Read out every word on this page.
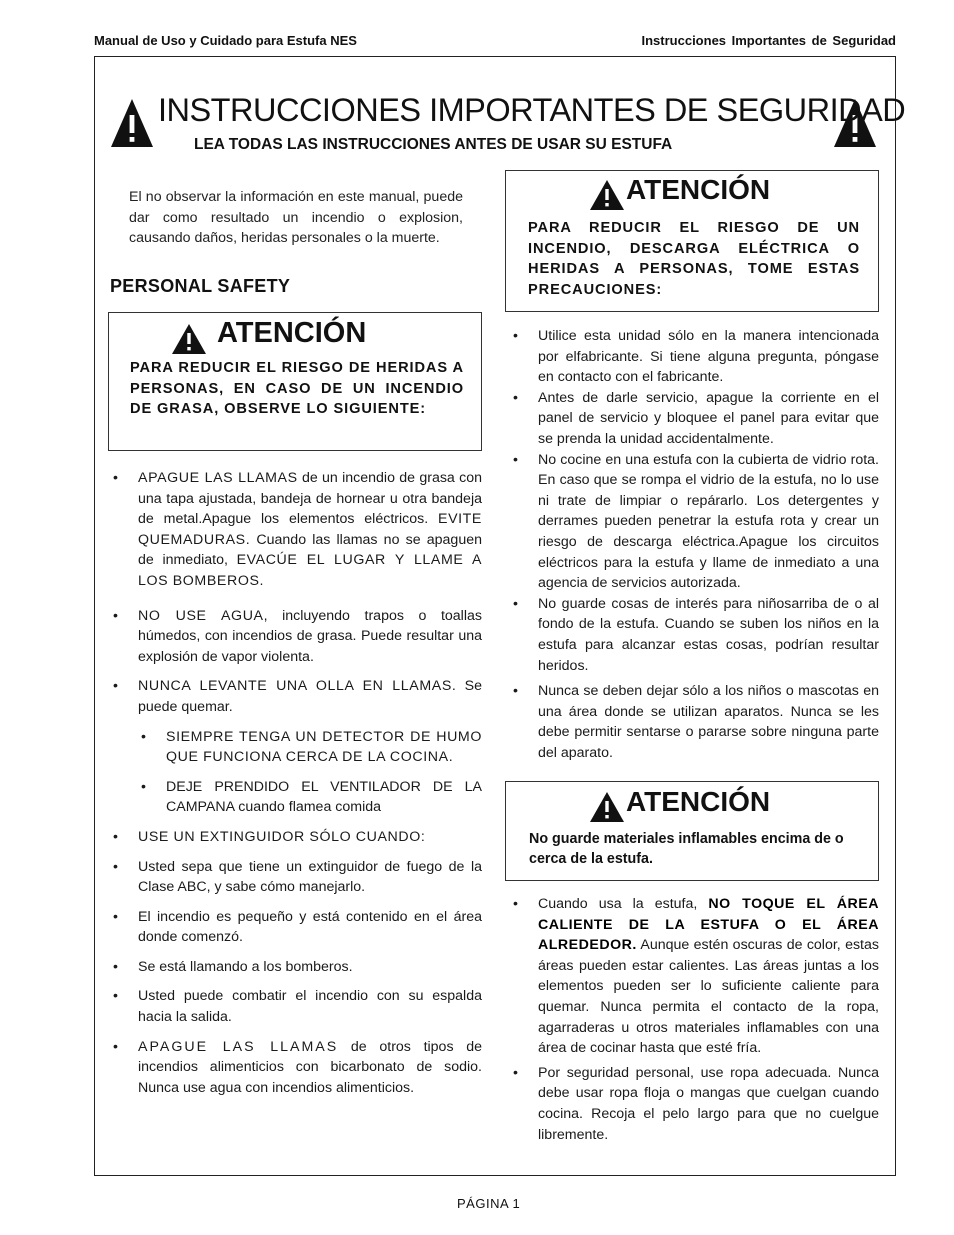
Manual de Uso y Cuidado para Estufa NES	Instrucciones Importantes de Seguridad
INSTRUCCIONES IMPORTANTES DE SEGURIDAD
LEA TODAS LAS INSTRUCCIONES ANTES DE USAR SU ESTUFA
El no observar la información en este manual, puede dar como resultado un incendio o explosion, causando daños, heridas personales o la muerte.
PERSONAL SAFETY
ATENCIÓN
PARA REDUCIR EL RIESGO DE HERIDAS A PERSONAS, EN CASO DE UN INCENDIO DE GRASA, OBSERVE LO SIGUIENTE:
• APAGUE LAS LLAMAS de un incendio de grasa con una tapa ajustada, bandeja de hornear u otra bandeja de metal.Apague los elementos eléctricos. EVITE QUEMADURAS. Cuando las llamas no se apaguen de inmediato, EVACÚE EL LUGAR Y LLAME A LOS BOMBEROS.
• NO USE AGUA, incluyendo trapos o toallas húmedos, con incendios de grasa. Puede resultar una explosión de vapor violenta.
• NUNCA LEVANTE UNA OLLA EN LLAMAS. Se puede quemar.
• SIEMPRE TENGA UN DETECTOR DE HUMO QUE FUNCIONA CERCA DE LA COCINA.
• DEJE PRENDIDO EL VENTILADOR DE LA CAMPANA cuando flamea comida
• USE UN EXTINGUIDOR SÓLO CUANDO:
• Usted sepa que tiene un extinguidor de fuego de la Clase ABC, y sabe cómo manejarlo.
• El incendio es pequeño y está contenido en el área donde comenzó.
• Se está llamando a los bomberos.
• Usted puede combatir el incendio con su espalda hacia la salida.
• APAGUE LAS LLAMAS de otros tipos de incendios alimenticios con bicarbonato de sodio. Nunca use agua con incendios alimenticios.
ATENCIÓN
PARA REDUCIR EL RIESGO DE UN INCENDIO, DESCARGA ELÉCTRICA O HERIDAS A PERSONAS, TOME ESTAS PRECAUCIONES:
• Utilice esta unidad sólo en la manera intencionada por elfabricante. Si tiene alguna pregunta, póngase en contacto con el fabricante.
• Antes de darle servicio, apague la corriente en el panel de servicio y bloquee el panel para evitar que se prenda la unidad accidentalmente.
• No cocine en una estufa con la cubierta de vidrio rota. En caso que se rompa el vidrio de la estufa, no lo use ni trate de limpiar o repárarlo. Los detergentes y derrames pueden penetrar la estufa rota y crear un riesgo de descarga eléctrica.Apague los circuitos eléctricos para la estufa y llame de inmediato a una agencia de servicios autorizada.
• No guarde cosas de interés para niñosarriba de o al fondo de la estufa. Cuando se suben los niños en la estufa para alcanzar estas cosas, podrían resultar heridos.
• Nunca se deben dejar sólo a los niños o mascotas en una área donde se utilizan aparatos. Nunca se les debe permitir sentarse o pararse sobre ninguna parte del aparato.
ATENCIÓN
No guarde materiales inflamables encima de o cerca de la estufa.
• Cuando usa la estufa, NO TOQUE EL ÁREA CALIENTE DE LA ESTUFA O EL ÁREA ALREDEDOR. Aunque estén oscuras de color, estas áreas pueden estar calientes. Las áreas juntas a los elementos pueden ser lo suficiente caliente para quemar. Nunca permita el contacto de la ropa, agarraderas u otros materiales inflamables con una área de cocinar hasta que esté fría.
• Por seguridad personal, use ropa adecuada. Nunca debe usar ropa floja o mangas que cuelgan cuando cocina. Recoja el pelo largo para que no cuelgue libremente.
PÁGINA 1
